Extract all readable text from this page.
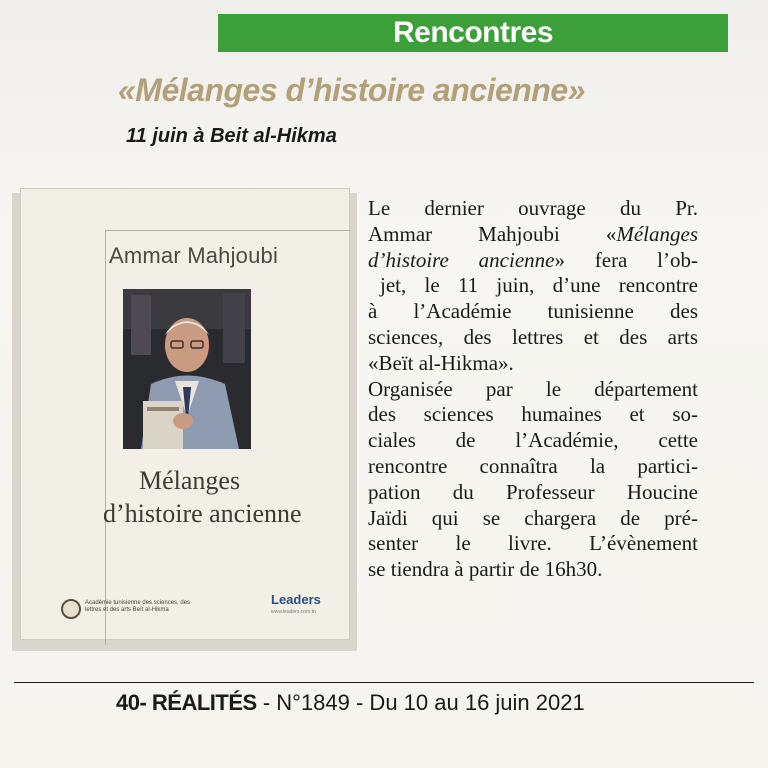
Rencontres
«Mélanges d’histoire ancienne»
11 juin à Beit al-Hikma
Ammar Mahjoubi
Mélanges
d’histoire ancienne
Académie tunisienne des sciences, des lettres et des arts Beït al-Hikma
Leaders
www.leaders.com.tn
Le dernier ouvrage du Pr.
Ammar Mahjoubi «Mélanges
d’histoire ancienne» fera l’ob-
jet, le 11 juin, d’une rencontre
à l’Académie tunisienne des
sciences, des lettres et des arts
«Beït al-Hikma».
Organisée par le département
des sciences humaines et so-
ciales de l’Académie, cette
rencontre connaîtra la partici-
pation du Professeur Houcine
Jaïdi qui se chargera de pré-
senter le livre. L’évènement
se tiendra à partir de 16h30.
40- RÉALITÉS - N°1849 - Du 10 au 16 juin 2021
